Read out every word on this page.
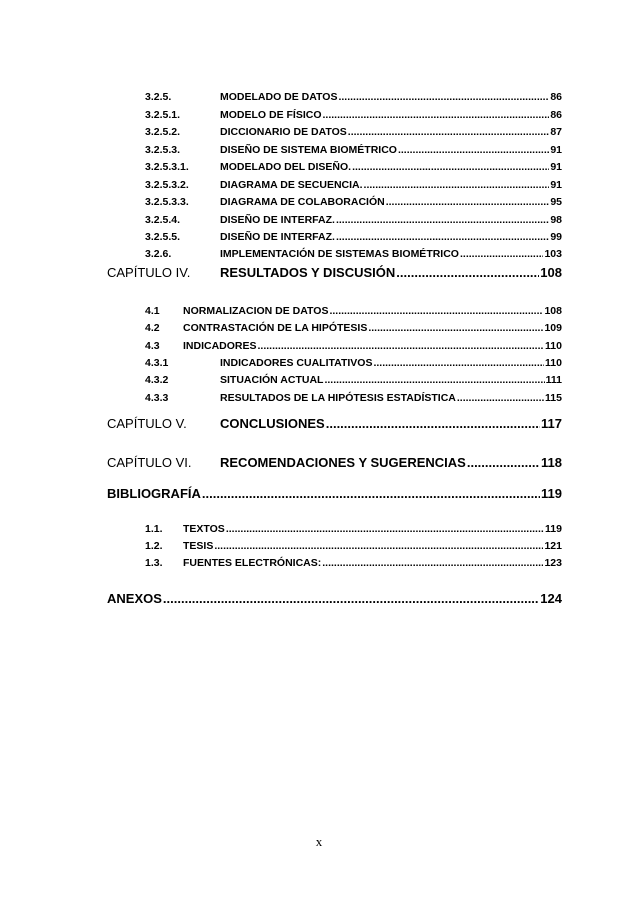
3.2.5.	MODELADO DE DATOS .....	86
3.2.5.1.	MODELO DE FÍSICO .....	86
3.2.5.2.	DICCIONARIO DE DATOS .....	87
3.2.5.3.	DISEÑO DE SISTEMA BIOMÉTRICO .....	91
3.2.5.3.1.	MODELADO DEL DISEÑO. .....	91
3.2.5.3.2.	DIAGRAMA DE SECUENCIA. .....	91
3.2.5.3.3.	DIAGRAMA DE COLABORACIÓN .....	95
3.2.5.4.	DISEÑO DE INTERFAZ. .....	98
3.2.5.5.	DISEÑO DE INTERFAZ. .....	99
3.2.6.	IMPLEMENTACIÓN DE SISTEMAS BIOMÉTRICO .....	103
CAPÍTULO IV.	RESULTADOS Y DISCUSIÓN .....	108
4.1	NORMALIZACION DE DATOS .....	108
4.2	CONTRASTACIÓN DE LA HIPÓTESIS .....	109
4.3	INDICADORES .....	110
4.3.1	INDICADORES CUALITATIVOS .....	110
4.3.2	SITUACIÓN ACTUAL .....	111
4.3.3	RESULTADOS DE LA HIPÓTESIS ESTADÍSTICA .....	115
CAPÍTULO V.	CONCLUSIONES .....	117
CAPÍTULO VI.	RECOMENDACIONES Y SUGERENCIAS .....	118
BIBLIOGRAFÍA .....	119
1.1.	TEXTOS .....	119
1.2.	TESIS .....	121
1.3.	FUENTES ELECTRÓNICAS: .....	123
ANEXOS .....	124
x
